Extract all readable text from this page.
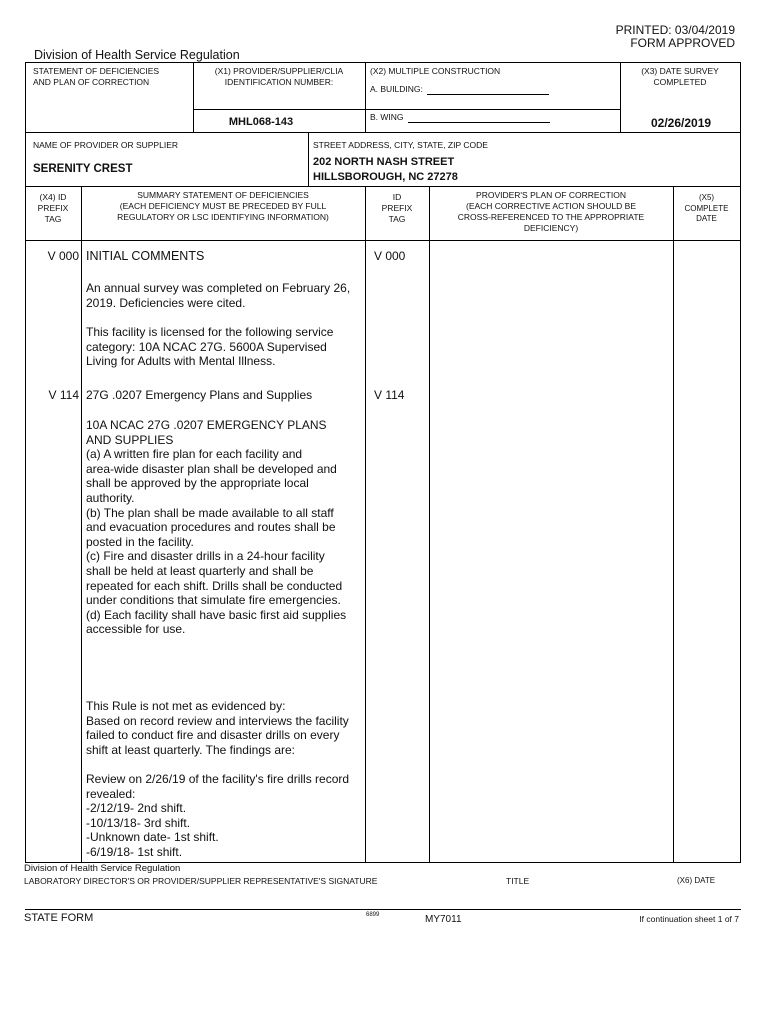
PRINTED: 03/04/2019
FORM APPROVED
Division of Health Service Regulation
STATEMENT OF DEFICIENCIES
AND PLAN OF CORRECTION
(X1) PROVIDER/SUPPLIER/CLIA
IDENTIFICATION NUMBER:
MHL068-143
(X2) MULTIPLE CONSTRUCTION
A. BUILDING:
B. WING
(X3) DATE SURVEY
COMPLETED
02/26/2019
NAME OF PROVIDER OR SUPPLIER
SERENITY CREST
STREET ADDRESS, CITY, STATE, ZIP CODE
202 NORTH NASH STREET
HILLSBOROUGH, NC 27278
(X4) ID
PREFIX
TAG
SUMMARY STATEMENT OF DEFICIENCIES
(EACH DEFICIENCY MUST BE PRECEDED BY FULL
REGULATORY OR LSC IDENTIFYING INFORMATION)
ID
PREFIX
TAG
PROVIDER'S PLAN OF CORRECTION
(EACH CORRECTIVE ACTION SHOULD BE
CROSS-REFERENCED TO THE APPROPRIATE
DEFICIENCY)
(X5)
COMPLETE
DATE
V 000 INITIAL COMMENTS	V 000
An annual survey was completed on February 26,
2019. Deficiencies were cited.
This facility is licensed for the following service
category: 10A NCAC 27G. 5600A Supervised
Living for Adults with Mental Illness.
V 114 27G .0207 Emergency Plans and Supplies	V 114
10A NCAC 27G .0207 EMERGENCY PLANS
AND SUPPLIES
(a) A written fire plan for each facility and
area-wide disaster plan shall be developed and
shall be approved by the appropriate local
authority.
(b) The plan shall be made available to all staff
and evacuation procedures and routes shall be
posted in the facility.
(c) Fire and disaster drills in a 24-hour facility
shall be held at least quarterly and shall be
repeated for each shift. Drills shall be conducted
under conditions that simulate fire emergencies.
(d) Each facility shall have basic first aid supplies
accessible for use.
This Rule is not met as evidenced by:
Based on record review and interviews the facility
failed to conduct fire and disaster drills on every
shift at least quarterly. The findings are:
Review on 2/26/19 of the facility's fire drills record
revealed:
-2/12/19- 2nd shift.
-10/13/18- 3rd shift.
-Unknown date- 1st shift.
-6/19/18- 1st shift.
Division of Health Service Regulation
LABORATORY DIRECTOR'S OR PROVIDER/SUPPLIER REPRESENTATIVE'S SIGNATURE	TITLE	(X6) DATE
STATE FORM	6899	MY7011	If continuation sheet 1 of 7
